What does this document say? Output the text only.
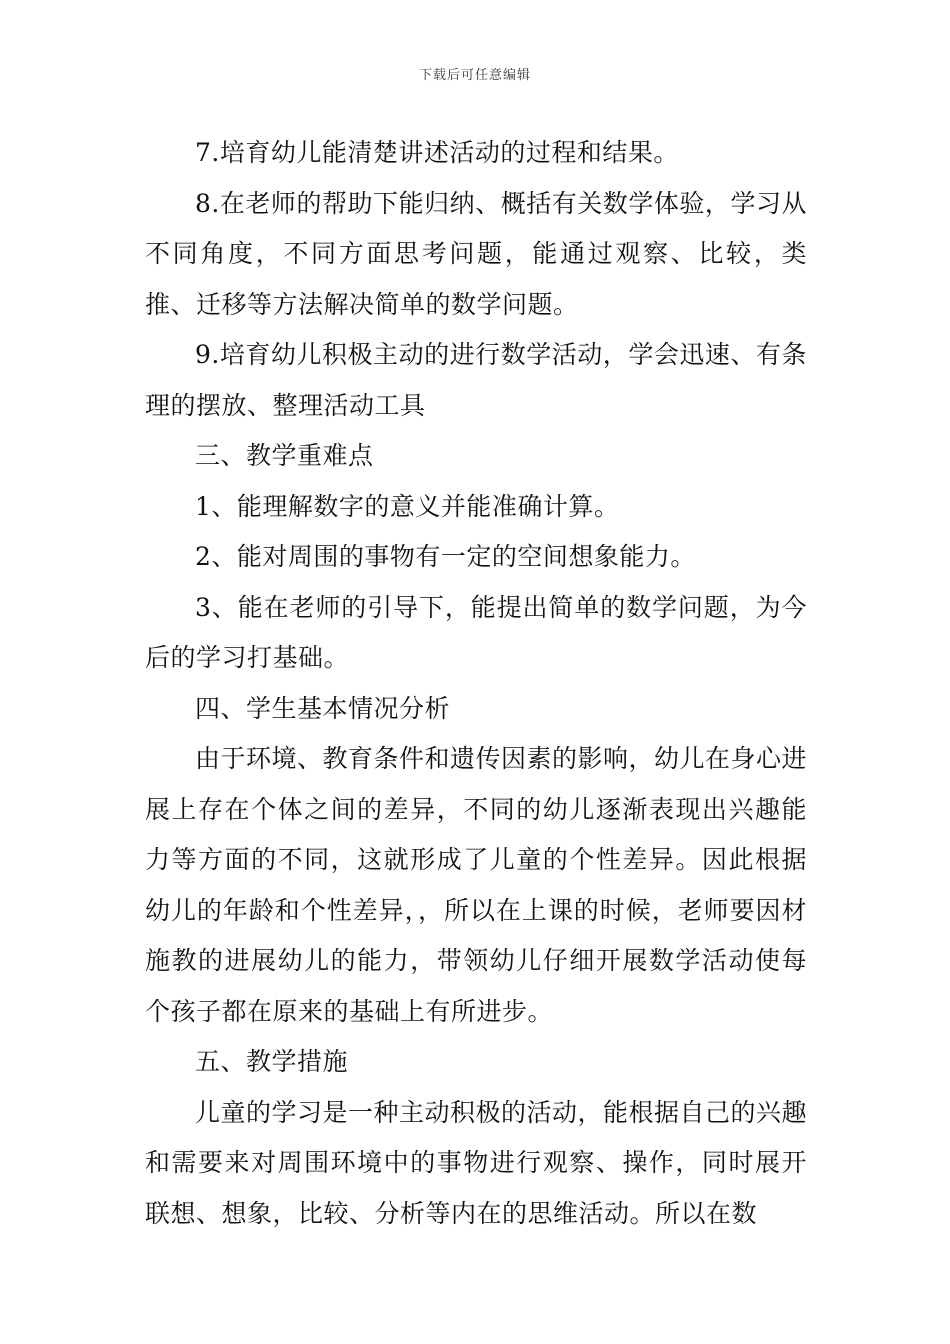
下载后可任意编辑

7.培育幼儿能清楚讲述活动的过程和结果。

8.在老师的帮助下能归纳、概括有关数学体验，学习从不同角度，不同方面思考问题，能通过观察、比较，类推、迁移等方法解决简单的数学问题。

9.培育幼儿积极主动的进行数学活动，学会迅速、有条理的摆放、整理活动工具

三、教学重难点

1、能理解数字的意义并能准确计算。

2、能对周围的事物有一定的空间想象能力。

3、能在老师的引导下，能提出简单的数学问题，为今后的学习打基础。

四、学生基本情况分析

由于环境、教育条件和遗传因素的影响，幼儿在身心进展上存在个体之间的差异，不同的幼儿逐渐表现出兴趣能力等方面的不同，这就形成了儿童的个性差异。因此根据幼儿的年龄和个性差异，，所以在上课的时候，老师要因材施教的进展幼儿的能力，带领幼儿仔细开展数学活动使每个孩子都在原来的基础上有所进步。

五、教学措施

儿童的学习是一种主动积极的活动，能根据自己的兴趣和需要来对周围环境中的事物进行观察、操作，同时展开联想、想象，比较、分析等内在的思维活动。所以在数
